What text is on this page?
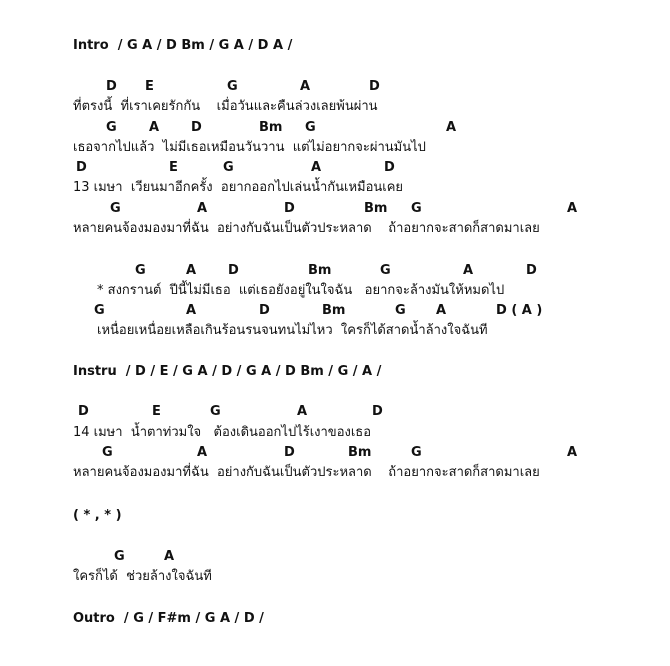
Intro  / G A / D Bm / G A / D A /

D

E

	G

	A

	D

ที่ตรงนี้  ที่เราเคยรักกัน    เมื่อวันและคืนล่วงเลยพ้นผ่าน

G

A

D

	Bm

G

	A

เธอจากไปแล้ว  ไม่มีเธอเหมือนวันวาน  แต่ไม่อยากจะผ่านมันไป

D

	E

	G

	A

	D

13 เมษา  เวียนมาอีกครั้ง  อยากออกไปเล่นน้ำกันเหมือนเคย

G

	A

	D

	Bm

G

	A

หลายคนจ้องมองมาที่ฉัน  อย่างกับฉันเป็นตัวประหลาด    ถ้าอยากจะสาดก็สาดมาเลย

G

	A

D

	Bm

	G

	A

	D

* สงกรานต์  ปีนี้ไม่มีเธอ  แต่เธอยังอยู่ในใจฉัน   อยากจะล้างมันให้หมดไป

G

	A

	D

	Bm

	G

A

	D ( A )

เหนื่อยเหนื่อยเหลือเกินร้อนรนจนทนไม่ไหว  ใครก็ได้สาดน้ำล้างใจฉันที
Instru  / D / E / G A / D / G A / D Bm / G / A /

D

	E

	G

	A

	D

14 เมษา  น้ำตาท่วมใจ   ต้องเดินออกไปไร้เงาของเธอ

G

	A

	D

	Bm

	G

	A

หลายคนจ้องมองมาที่ฉัน  อย่างกับฉันเป็นตัวประหลาด    ถ้าอยากจะสาดก็สาดมาเลย
( * , * )

G

	A

ใครก็ได้  ช่วยล้างใจฉันที
Outro  / G / F#m / G A / D /
